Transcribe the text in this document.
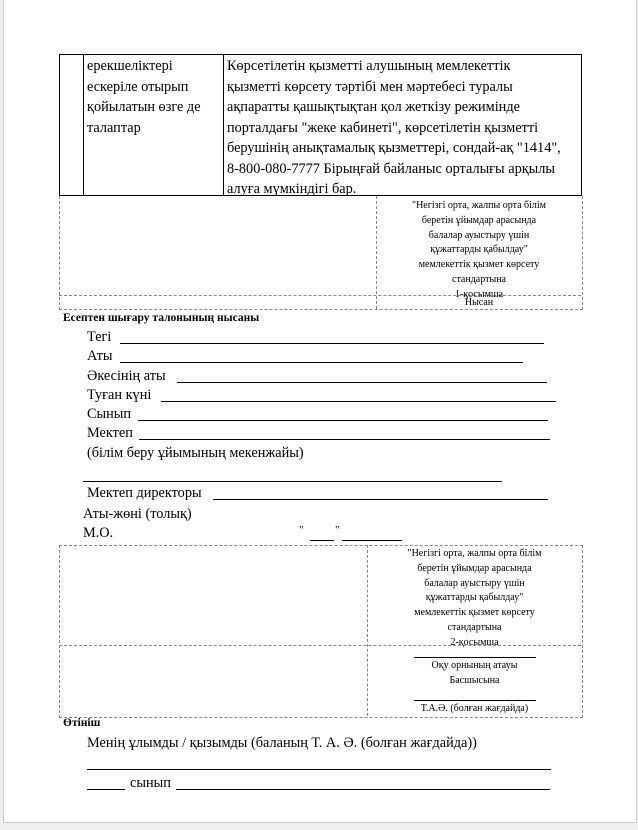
ерекшеліктері
ескеріле отырып
қойылатын өзге де
талаптар
Көрсетілетін қызметті алушының мемлекеттік
қызметті көрсету тәртібі мен мәртебесі туралы
ақпаратты қашықтықтан қол жеткізу режимінде
порталдағы "жеке кабинеті", көрсетілетін қызметті
берушінің анықтамалық қызметтері, сондай-ақ "1414",
8-800-080-7777 Бірыңғай байланыс орталығы арқылы
алуға мүмкіндігі бар.
"Негізгі орта, жалпы орта білім
беретін ұйымдар арасында
балалар ауыстыру үшін
құжаттарды қабылдау"
мемлекеттік қызмет көрсету
стандартына
1-қосымша
Нысан
Есептен шығару талонының нысаны
Тегі
Аты
Әкесінің аты
Туған күні
Сынып
Мектеп
(білім беру ұйымының мекенжайы)
Мектеп директоры
Аты-жөні (толық)
М.О.	"	"
"Негізгі орта, жалпы орта білім
беретін ұйымдар арасында
балалар ауыстыру үшін
құжаттарды қабылдау"
мемлекеттік қызмет көрсету
стандартына
2-қосымша
Оқу орнының атауы
Басшысына
Т.А.Ә. (болған жағдайда)
Өтініш
Менің ұлымды / қызымды (баланың Т. А. Ә. (болған жағдайда))
сынып
